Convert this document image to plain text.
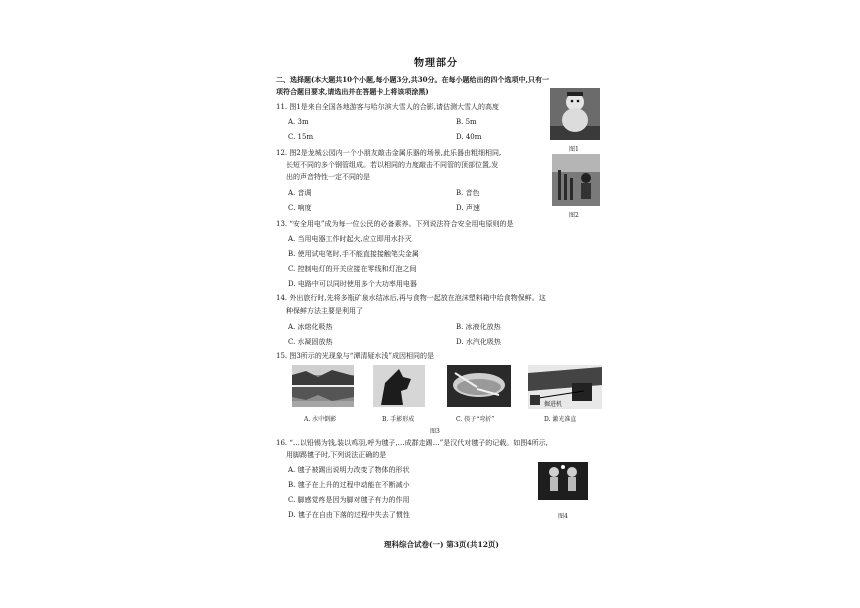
物理部分
二、选择题(本大题共10个小题,每小题3分,共30分。在每小题给出的四个选项中,只有一
项符合题目要求,请选出并在答题卡上将该项涂黑)
11. 图1是来自全国各地游客与哈尔滨大雪人的合影,请估测大雪人的高度
A. 3m	B. 5m
C. 15m	D. 40m
图1
12. 图2是龙城公园内一个小朋友敲击金属乐器的场景,此乐器由粗细相同,
长短不同的多个钢管组成。若以相同的力度敲击不同管的顶部位置,发
出的声音特性一定不同的是
A. 音调	B. 音色
C. 响度	D. 声速
图2
13. “安全用电”成为每一位公民的必备素养。下列说法符合安全用电原则的是
A. 当用电器工作时起火,应立即用水扑灭
B. 使用试电笔时,手不能直接接触笔尖金属
C. 控制电灯的开关应接在零线和灯泡之间
D. 电路中可以同时使用多个大功率用电器
14. 外出旅行时,先将多瓶矿泉水结冰后,再与食物一起放在泡沫塑料箱中给食物保鲜。这
种保鲜方法主要是利用了
A. 冰熔化吸热	B. 冰液化放热
C. 水凝固放热	D. 水汽化吸热
15. 图3所示的光现象与“潭清疑水浅”成因相同的是
掘进机
A. 水中倒影	B. 手影形成	C. 筷子“弯折”	D. 激光准直
图3
16. “…以铅锡为钱,装以鸡羽,呼为毽子,…成群走踢…”是汉代对毽子的记载。如图4所示,
用脚踢毽子时,下列说法正确的是
A. 毽子被踢出说明力改变了物体的形状
B. 毽子在上升的过程中动能在不断减小
C. 脚感觉疼是因为脚对毽子有力的作用
D. 毽子在自由下落的过程中失去了惯性	图4
理科综合试卷(一) 第3页(共12页)
